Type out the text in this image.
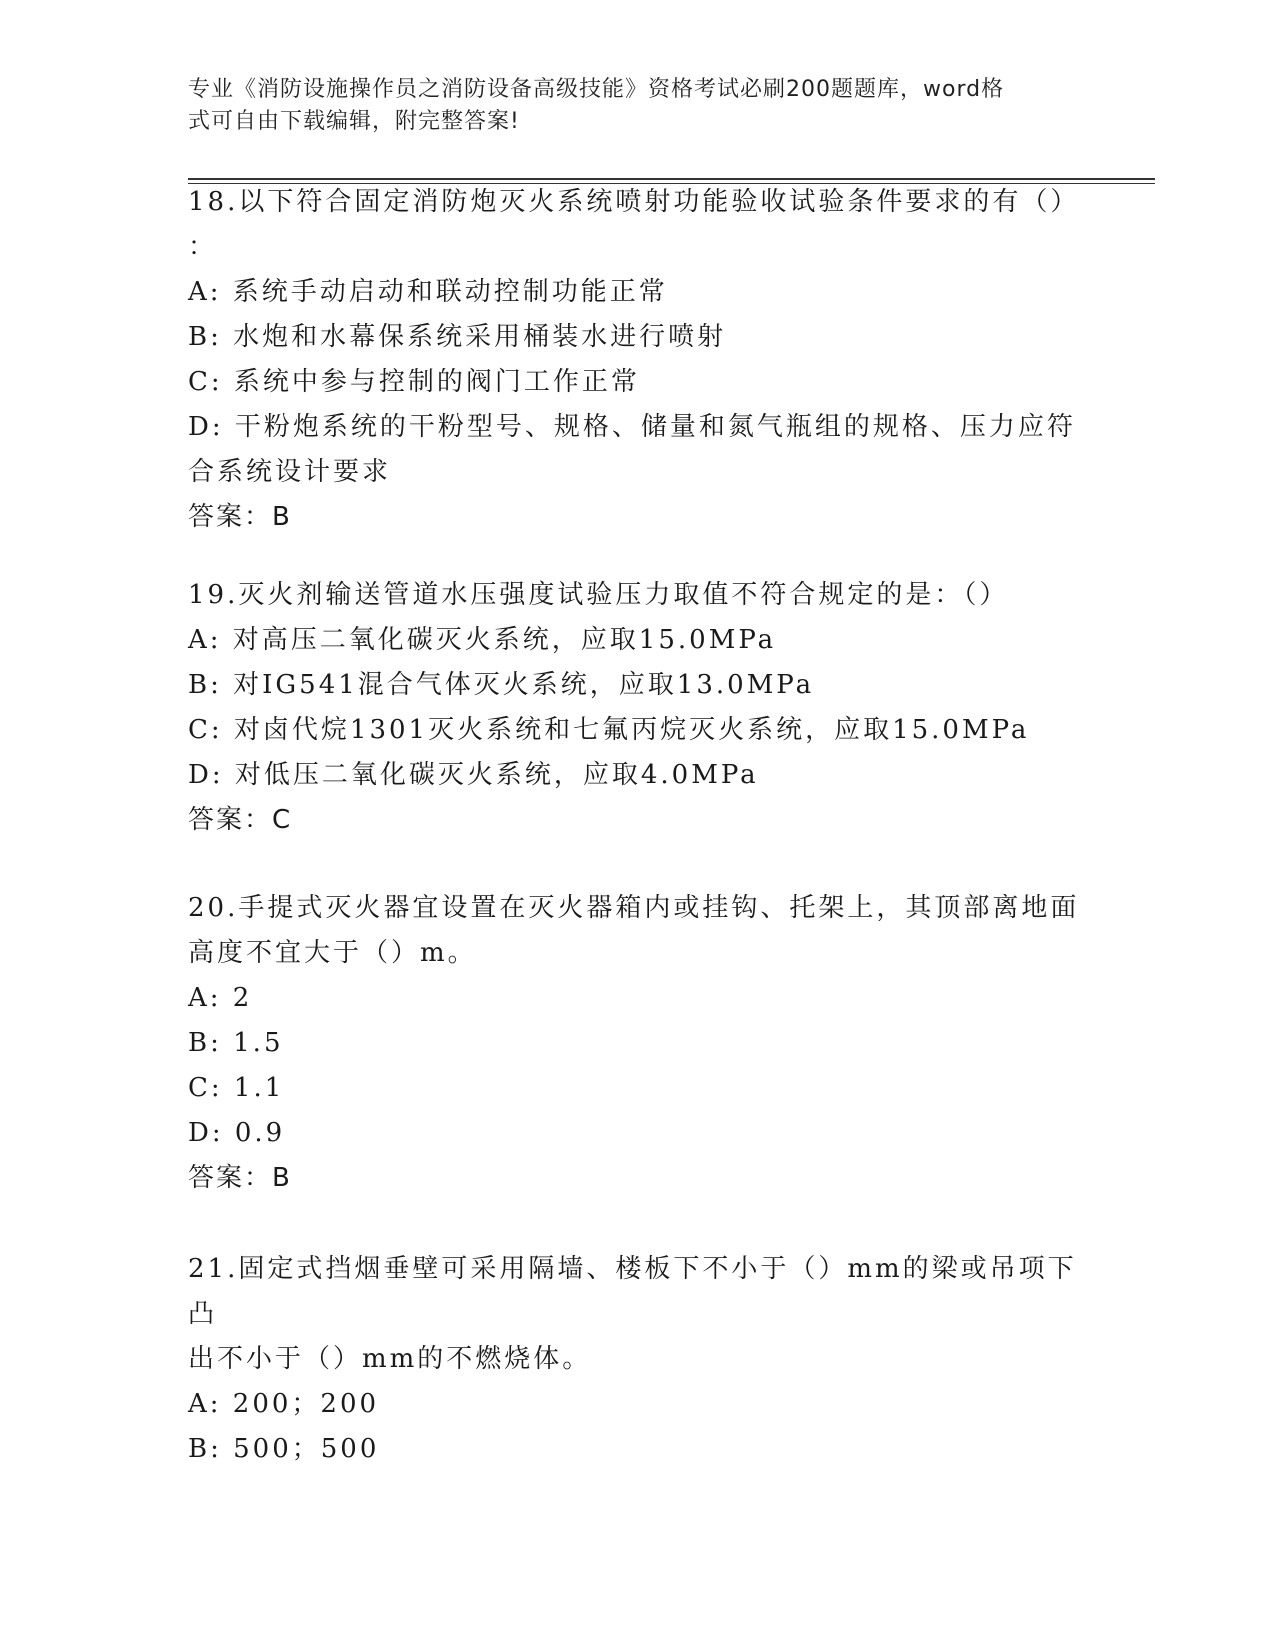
专业《消防设施操作员之消防设备高级技能》资格考试必刷200题题库，word格
式可自由下载编辑，附完整答案!

18.以下符合固定消防炮灭火系统喷射功能验收试验条件要求的有（）

：

A: 系统手动启动和联动控制功能正常

B: 水炮和水幕保系统采用桶装水进行喷射

C: 系统中参与控制的阀门工作正常

D: 干粉炮系统的干粉型号、规格、储量和氮气瓶组的规格、压力应符

合系统设计要求

答案：B

19.灭火剂输送管道水压强度试验压力取值不符合规定的是：（）

A: 对高压二氧化碳灭火系统，应取15.0MPa

B: 对IG541混合气体灭火系统，应取13.0MPa

C: 对卤代烷1301灭火系统和七氟丙烷灭火系统，应取15.0MPa

D: 对低压二氧化碳灭火系统，应取4.0MPa

答案：C

20.手提式灭火器宜设置在灭火器箱内或挂钩、托架上，其顶部离地面

高度不宜大于（）m。

A: 2

B: 1.5

C: 1.1

D: 0.9

答案：B

21.固定式挡烟垂壁可采用隔墙、楼板下不小于（）mm的梁或吊项下凸

出不小于（）mm的不燃烧体。

A: 200；200

B: 500；500
